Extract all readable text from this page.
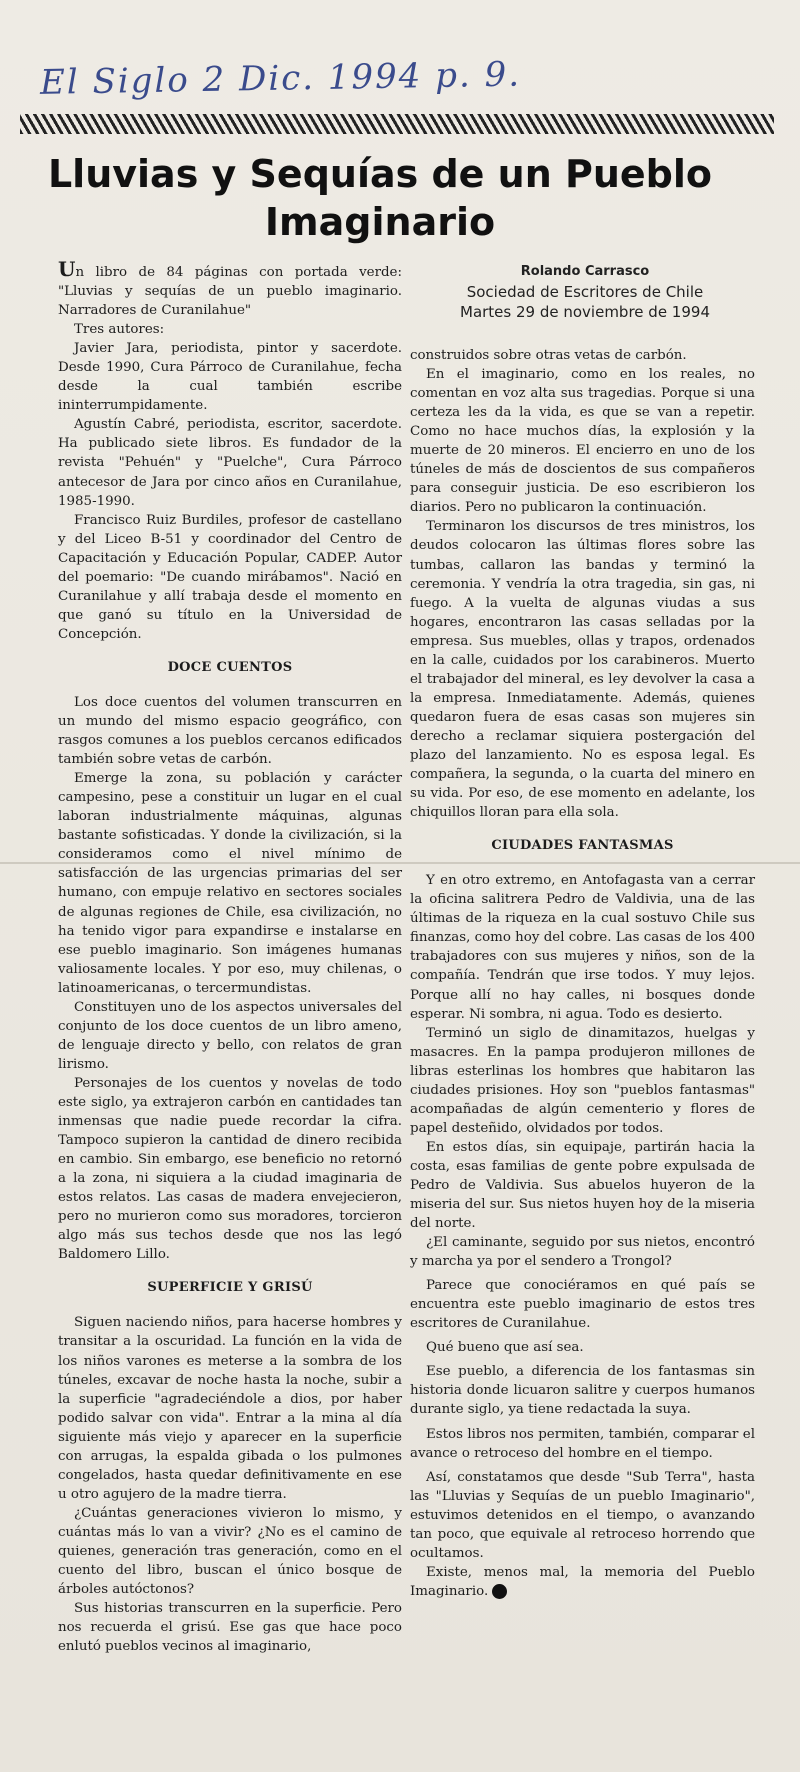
El Siglo 2 Dic. 1994 p. 9.
Lluvias y Sequías de un Pueblo Imaginario
Rolando Carrasco
Sociedad de Escritores de Chile
Martes 29 de noviembre de 1994

Un libro de 84 páginas con portada verde: "Lluvias y sequías de un pueblo imaginario. Narradores de Curanilahue"

Tres autores:

Javier Jara, periodista, pintor y sacerdote. Desde 1990, Cura Párroco de Curanilahue, fecha desde la cual también escribe ininterrumpidamente.

Agustín Cabré, periodista, escritor, sacerdote. Ha publicado siete libros. Es fundador de la revista "Pehuén" y "Puelche", Cura Párroco antecesor de Jara por cinco años en Curanilahue, 1985-1990.

Francisco Ruiz Burdiles, profesor de castellano y del Liceo B-51 y coordinador del Centro de Capacitación y Educación Popular, CADEP. Autor del poemario: "De cuando mirábamos". Nació en Curanilahue y allí trabaja desde el momento en que ganó su título en la Universidad de Concepción.

DOCE CUENTOS

Los doce cuentos del volumen transcurren en un mundo del mismo espacio geográfico, con rasgos comunes a los pueblos cercanos edificados también sobre vetas de carbón.

Emerge la zona, su población y carácter campesino, pese a constituir un lugar en el cual laboran industrialmente máquinas, algunas bastante sofisticadas. Y donde la civilización, si la consideramos como el nivel mínimo de satisfacción de las urgencias primarias del ser humano, con empuje relativo en sectores sociales de algunas regiones de Chile, esa civilización, no ha tenido vigor para expandirse e instalarse en ese pueblo imaginario. Son imágenes humanas valiosamente locales. Y por eso, muy chilenas, o latinoamericanas, o tercermundistas.

Constituyen uno de los aspectos universales del conjunto de los doce cuentos de un libro ameno, de lenguaje directo y bello, con relatos de gran lirismo.

Personajes de los cuentos y novelas de todo este siglo, ya extrajeron carbón en cantidades tan inmensas que nadie puede recordar la cifra. Tampoco supieron la cantidad de dinero recibida en cambio. Sin embargo, ese beneficio no retornó a la zona, ni siquiera a la ciudad imaginaria de estos relatos. Las casas de madera envejecieron, pero no murieron como sus moradores, torcieron algo más sus techos desde que nos las legó Baldomero Lillo.

SUPERFICIE Y GRISÚ

Siguen naciendo niños, para hacerse hombres y transitar a la oscuridad. La función en la vida de los niños varones es meterse a la sombra de los túneles, excavar de noche hasta la noche, subir a la superficie "agradeciéndole a dios, por haber podido salvar con vida". Entrar a la mina al día siguiente más viejo y aparecer en la superficie con arrugas, la espalda gibada o los pulmones congelados, hasta quedar definitivamente en ese u otro agujero de la madre tierra.

¿Cuántas generaciones vivieron lo mismo, y cuántas más lo van a vivir? ¿No es el camino de quienes, generación tras generación, como en el cuento del libro, buscan el único bosque de árboles autóctonos?

Sus historias transcurren en la superficie. Pero nos recuerda el grisú. Ese gas que hace poco enlutó pueblos vecinos al imaginario,

construidos sobre otras vetas de carbón.

En el imaginario, como en los reales, no comentan en voz alta sus tragedias. Porque si una certeza les da la vida, es que se van a repetir. Como no hace muchos días, la explosión y la muerte de 20 mineros. El encierro en uno de los túneles de más de doscientos de sus compañeros para conseguir justicia. De eso escribieron los diarios. Pero no publicaron la continuación.

Terminaron los discursos de tres ministros, los deudos colocaron las últimas flores sobre las tumbas, callaron las bandas y terminó la ceremonia. Y vendría la otra tragedia, sin gas, ni fuego. A la vuelta de algunas viudas a sus hogares, encontraron las casas selladas por la empresa. Sus muebles, ollas y trapos, ordenados en la calle, cuidados por los carabineros. Muerto el trabajador del mineral, es ley devolver la casa a la empresa. Inmediatamente. Además, quienes quedaron fuera de esas casas son mujeres sin derecho a reclamar siquiera postergación del plazo del lanzamiento. No es esposa legal. Es compañera, la segunda, o la cuarta del minero en su vida. Por eso, de ese momento en adelante, los chiquillos lloran para ella sola.

CIUDADES FANTASMAS

Y en otro extremo, en Antofagasta van a cerrar la oficina salitrera Pedro de Valdivia, una de las últimas de la riqueza en la cual sostuvo Chile sus finanzas, como hoy del cobre. Las casas de los 400 trabajadores con sus mujeres y niños, son de la compañía. Tendrán que irse todos. Y muy lejos. Porque allí no hay calles, ni bosques donde esperar. Ni sombra, ni agua. Todo es desierto.

Terminó un siglo de dinamitazos, huelgas y masacres. En la pampa produjeron millones de libras esterlinas los hombres que habitaron las ciudades prisiones. Hoy son "pueblos fantasmas" acompañadas de algún cementerio y flores de papel desteñido, olvidados por todos.

En estos días, sin equipaje, partirán hacia la costa, esas familias de gente pobre expulsada de Pedro de Valdivia. Sus abuelos huyeron de la miseria del sur. Sus nietos huyen hoy de la miseria del norte.

¿El caminante, seguido por sus nietos, encontró y marcha ya por el sendero a Trongol?

Parece que conociéramos en qué país se encuentra este pueblo imaginario de estos tres escritores de Curanilahue.

Qué bueno que así sea.

Ese pueblo, a diferencia de los fantasmas sin historia donde licuaron salitre y cuerpos humanos durante siglo, ya tiene redactada la suya.

Estos libros nos permiten, también, comparar el avance o retroceso del hombre en el tiempo.

Así, constatamos que desde "Sub Terra", hasta las "Lluvias y Sequías de un pueblo Imaginario", estuvimos detenidos en el tiempo, o avanzando tan poco, que equivale al retroceso horrendo que ocultamos.

Existe, menos mal, la memoria del Pueblo Imaginario.
